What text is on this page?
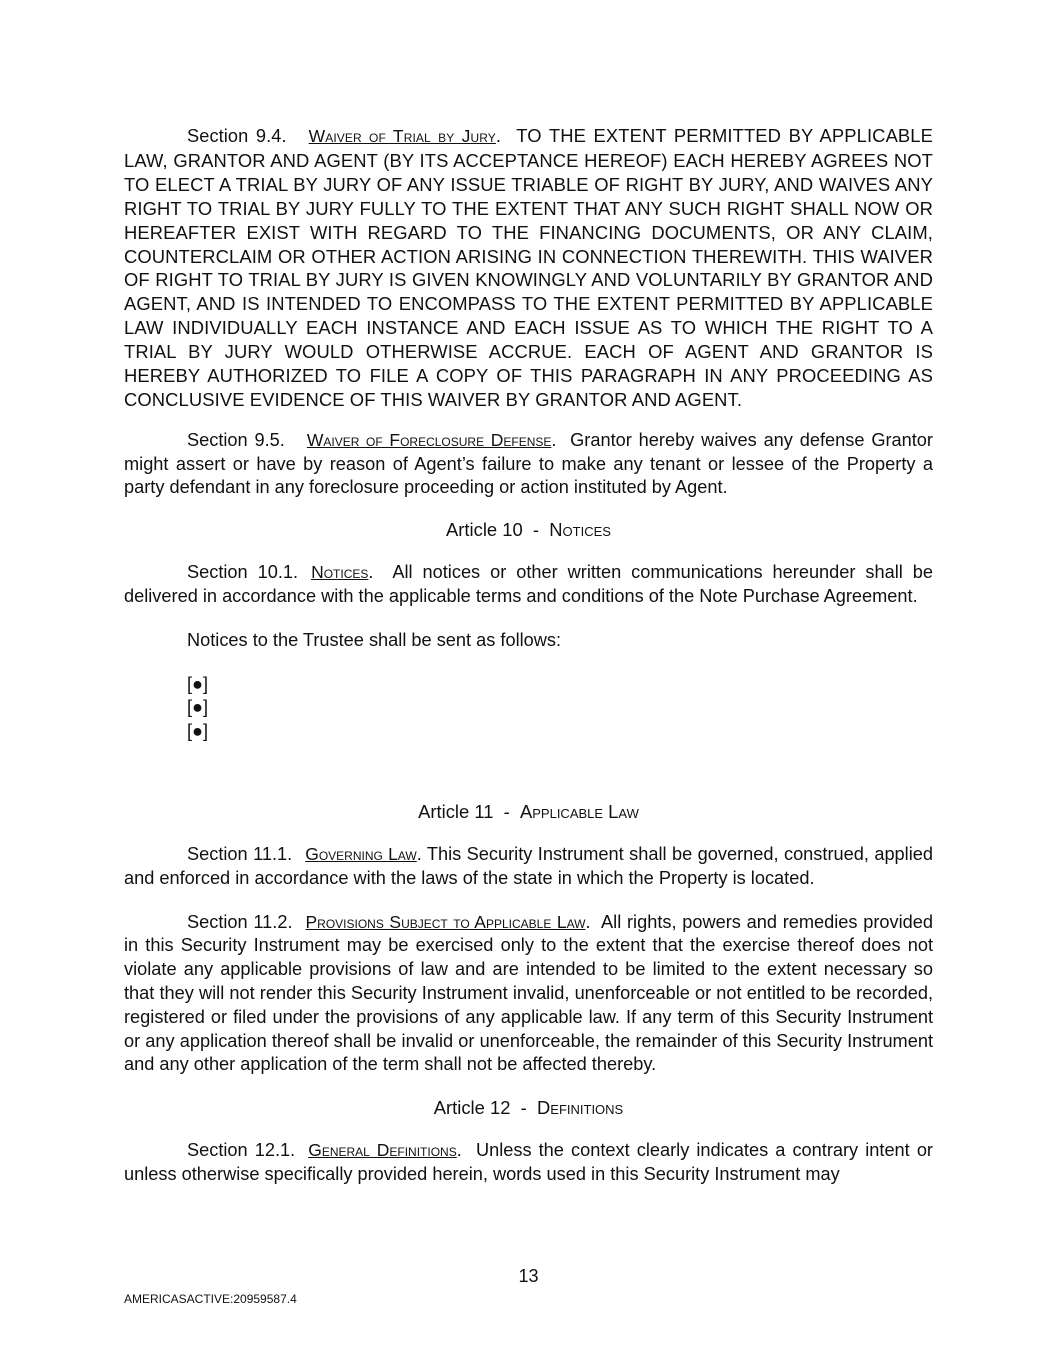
Section 9.4. Waiver of Trial by Jury.  TO THE EXTENT PERMITTED BY APPLICABLE LAW, GRANTOR AND AGENT (BY ITS ACCEPTANCE HEREOF) EACH HEREBY AGREES NOT TO ELECT A TRIAL BY JURY OF ANY ISSUE TRIABLE OF RIGHT BY JURY, AND WAIVES ANY RIGHT TO TRIAL BY JURY FULLY TO THE EXTENT THAT ANY SUCH RIGHT SHALL NOW OR HEREAFTER EXIST WITH REGARD TO THE FINANCING DOCUMENTS, OR ANY CLAIM, COUNTERCLAIM OR OTHER ACTION ARISING IN CONNECTION THEREWITH. THIS WAIVER OF RIGHT TO TRIAL BY JURY IS GIVEN KNOWINGLY AND VOLUNTARILY BY GRANTOR AND AGENT, AND IS INTENDED TO ENCOMPASS TO THE EXTENT PERMITTED BY APPLICABLE LAW INDIVIDUALLY EACH INSTANCE AND EACH ISSUE AS TO WHICH THE RIGHT TO A TRIAL BY JURY WOULD OTHERWISE ACCRUE. EACH OF AGENT AND GRANTOR IS HEREBY AUTHORIZED TO FILE A COPY OF THIS PARAGRAPH IN ANY PROCEEDING AS CONCLUSIVE EVIDENCE OF THIS WAIVER BY GRANTOR AND AGENT.

Section 9.5. Waiver of Foreclosure Defense.  Grantor hereby waives any defense Grantor might assert or have by reason of Agent’s failure to make any tenant or lessee of the Property a party defendant in any foreclosure proceeding or action instituted by Agent.

Article 10  -  Notices

Section 10.1. Notices.  All notices or other written communications hereunder shall be delivered in accordance with the applicable terms and conditions of the Note Purchase Agreement.

Notices to the Trustee shall be sent as follows:

[●]
[●]
[●]
Article 11  -  Applicable Law

Section 11.1. Governing Law. This Security Instrument shall be governed, construed, applied and enforced in accordance with the laws of the state in which the Property is located.

Section 11.2. Provisions Subject to Applicable Law.  All rights, powers and remedies provided in this Security Instrument may be exercised only to the extent that the exercise thereof does not violate any applicable provisions of law and are intended to be limited to the extent necessary so that they will not render this Security Instrument invalid, unenforceable or not entitled to be recorded, registered or filed under the provisions of any applicable law. If any term of this Security Instrument or any application thereof shall be invalid or unenforceable, the remainder of this Security Instrument and any other application of the term shall not be affected thereby.

Article 12  -  Definitions

Section 12.1. General Definitions.  Unless the context clearly indicates a contrary intent or unless otherwise specifically provided herein, words used in this Security Instrument may

13
AMERICASACTIVE:20959587.4
